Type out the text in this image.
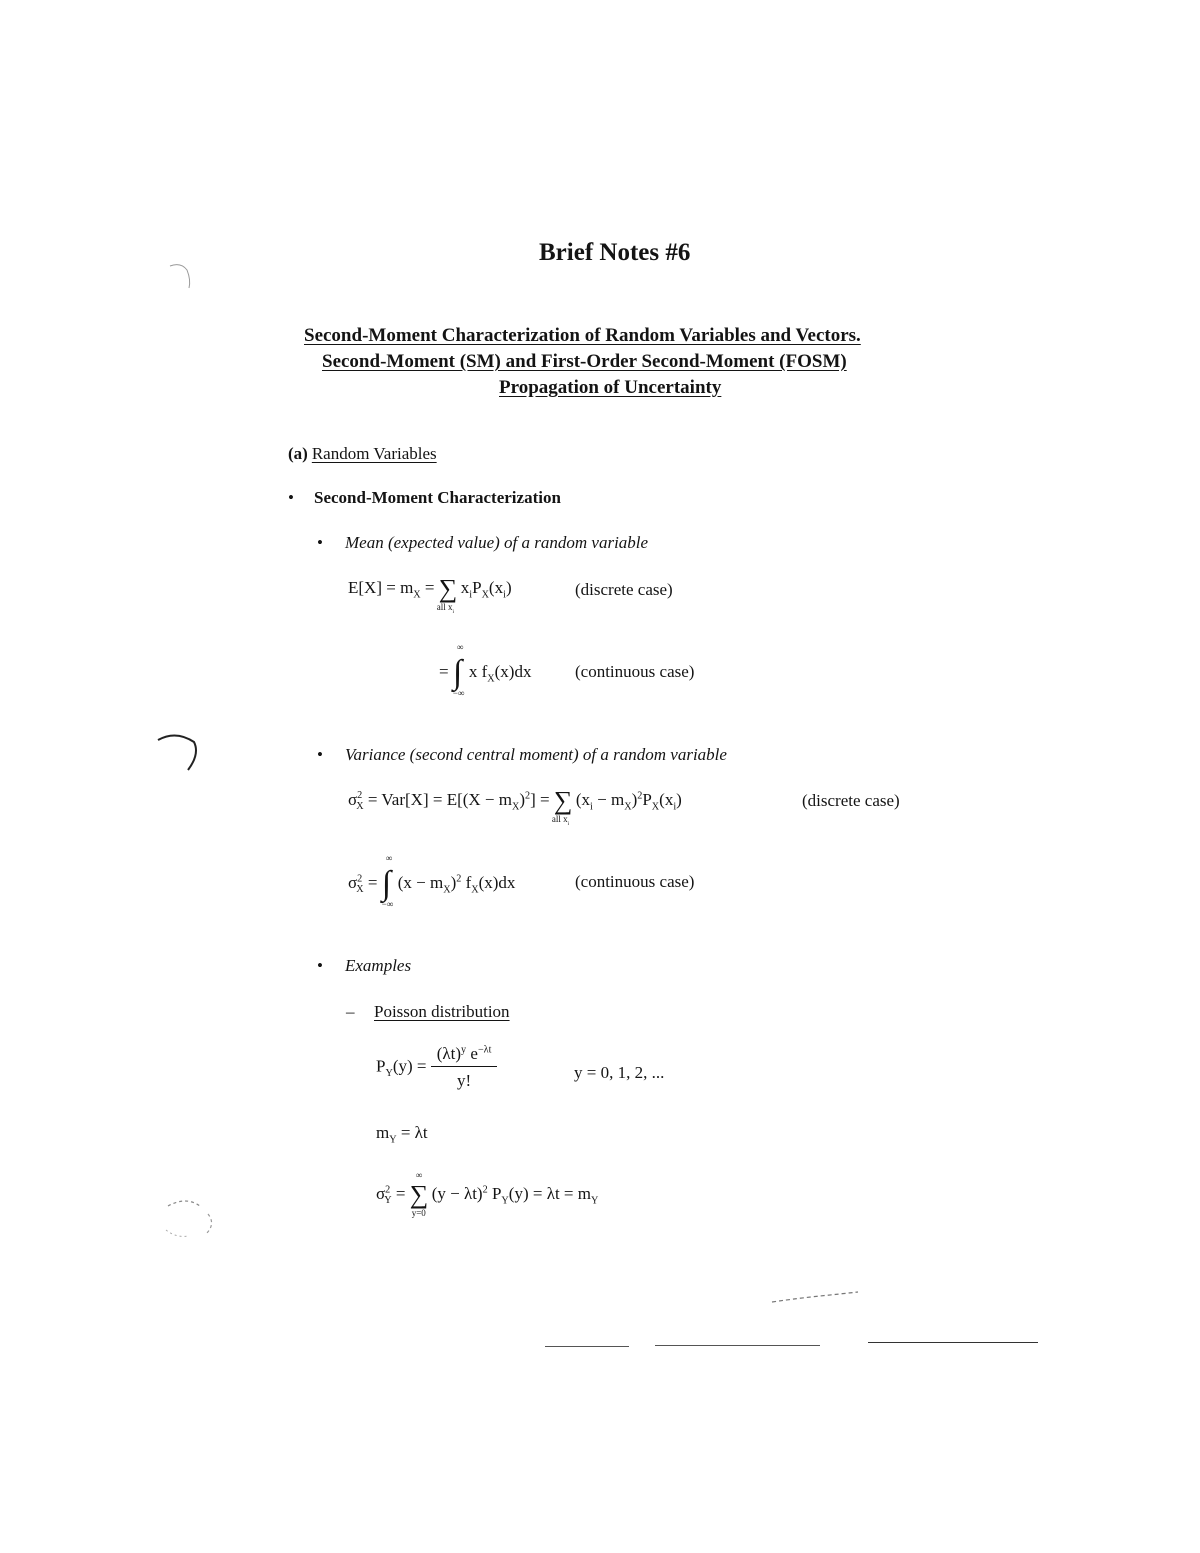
Brief Notes #6
Second-Moment Characterization of Random Variables and Vectors.
Second-Moment (SM) and First-Order Second-Moment (FOSM)
Propagation of Uncertainty
(a) Random Variables
• Second-Moment Characterization
• Mean (expected value) of a random variable
$E[X] = m_X$ = ∑
all $x_i$
$x_iP_X(x_i)$	(discrete case)
=
∞
∫
−∞
x $f_X(x)dx$	(continuous case)
• Variance (second central moment) of a random variable
$\sigma^2_X = Var[X] = E[(X - m_X)^2]$ = ∑
all $x_i$
$(x_i - m_X)^2P_X(x_i)$	(discrete case)
$\sigma^2_X$ =
∞
∫
−∞
$(x - m_X)^2$ $f_X(x)dx$	(continuous case)
• Examples
– Poisson distribution
$P_Y(y) = \frac{(\lambda t)^y e^{-\lambda t}}{y!}$	y = 0, 1, 2, ...
$m_Y = \lambda t$
$\sigma^2_Y$ =
∞
∑
y=0
$(y - \lambda t)^2$ $P_Y(y) = \lambda t = m_Y$
